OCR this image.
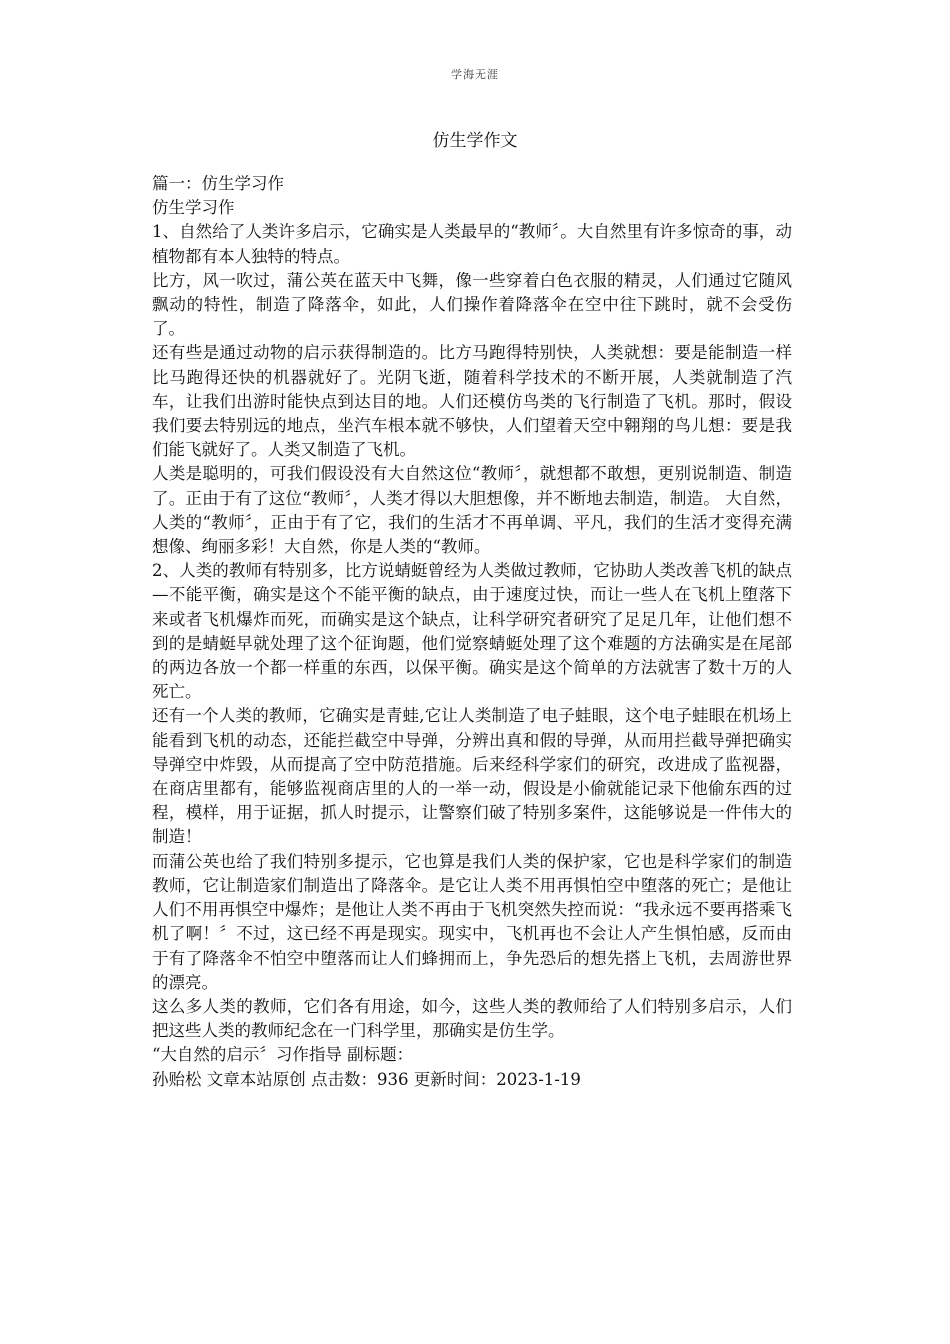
学海无涯
仿生学作文

篇一：仿生学习作

仿生学习作

1、自然给了人类许多启示，它确实是人类最早的“教师〞。大自然里有许多惊奇的事，动植物都有本人独特的特点。

比方，风一吹过，蒲公英在蓝天中飞舞，像一些穿着白色衣服的精灵，人们通过它随风飘动的特性，制造了降落伞，如此，人们操作着降落伞在空中往下跳时，就不会受伤了。

还有些是通过动物的启示获得制造的。比方马跑得特别快，人类就想：要是能制造一样比马跑得还快的机器就好了。光阴飞逝，随着科学技术的不断开展，人类就制造了汽车，让我们出游时能快点到达目的地。人们还模仿鸟类的飞行制造了飞机。那时，假设我们要去特别远的地点，坐汽车根本就不够快，人们望着天空中翱翔的鸟儿想：要是我们能飞就好了。人类又制造了飞机。

人类是聪明的，可我们假设没有大自然这位“教师〞，就想都不敢想，更别说制造、制造了。正由于有了这位“教师〞，人类才得以大胆想像，并不断地去制造，制造。 大自然，人类的“教师〞，正由于有了它，我们的生活才不再单调、平凡，我们的生活才变得充满想像、绚丽多彩！大自然，你是人类的“教师。

2、人类的教师有特别多，比方说蜻蜓曾经为人类做过教师，它协助人类改善飞机的缺点—不能平衡，确实是这个不能平衡的缺点，由于速度过快，而让一些人在飞机上堕落下来或者飞机爆炸而死，而确实是这个缺点，让科学研究者研究了足足几年，让他们想不到的是蜻蜓早就处理了这个征询题，他们觉察蜻蜓处理了这个难题的方法确实是在尾部的两边各放一个都一样重的东西，以保平衡。确实是这个简单的方法就害了数十万的人死亡。

还有一个人类的教师，它确实是青蛙,它让人类制造了电子蛙眼，这个电子蛙眼在机场上能看到飞机的动态，还能拦截空中导弹，分辨出真和假的导弹，从而用拦截导弹把确实导弹空中炸毁，从而提高了空中防范措施。后来经科学家们的研究，改进成了监视器，在商店里都有，能够监视商店里的人的一举一动，假设是小偷就能记录下他偷东西的过程，模样，用于证据，抓人时提示，让警察们破了特别多案件，这能够说是一件伟大的制造！

而蒲公英也给了我们特别多提示，它也算是我们人类的保护家，它也是科学家们的制造教师，它让制造家们制造出了降落伞。是它让人类不用再惧怕空中堕落的死亡；是他让人们不用再惧空中爆炸；是他让人类不再由于飞机突然失控而说：“我永远不要再搭乘飞机了啊！〞不过，这已经不再是现实。现实中，飞机再也不会让人产生惧怕感，反而由于有了降落伞不怕空中堕落而让人们蜂拥而上，争先恐后的想先搭上飞机，去周游世界的漂亮。

这么多人类的教师，它们各有用途，如今，这些人类的教师给了人们特别多启示，人们把这些人类的教师纪念在一门科学里，那确实是仿生学。

“大自然的启示〞习作指导 副标题：

孙贻松 文章本站原创 点击数：936 更新时间：2023-1-19
